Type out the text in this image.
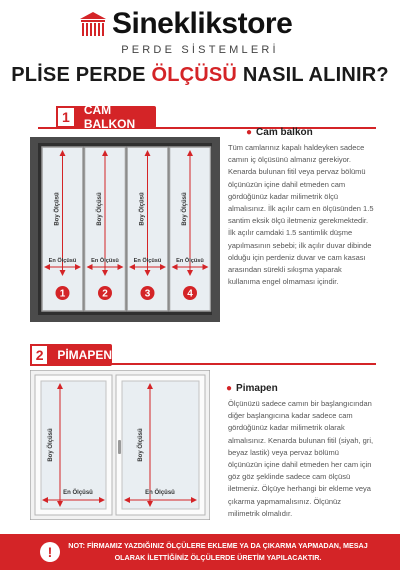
Sineklikstore
PERDE SİSTEMLERİ
PLİSE PERDE ÖLÇÜSÜ NASIL ALINIR?
1	CAM BALKON
Boy Ölçüsü
En Ölçüsü
1
Boy Ölçüsü
En Ölçüsü
2
Boy Ölçüsü
En Ölçüsü
3
Boy Ölçüsü
En Ölçüsü
4
● Cam balkon
Tüm camlarınız kapalı haldeyken sadece camın iç ölçüsünü almanız gerekiyor. Kenarda bulunan fitil veya pervaz bölümü ölçünüzün içine dahil etmeden cam gördüğünüz kadar milimetrik ölçü almalısınız. İlk açılır cam en ölçüsünden 1.5 santim eksik ölçü iletmeniz gerekmektedir. İlk açılır camdaki 1.5 santimlik düşme yapılmasının sebebi; ilk açılır duvar dibinde olduğu için perdeniz duvar ve cam kasası arasından sürekli sıkışma yaparak kullanıma engel olmaması içindir.
2	PİMAPEN
Boy Ölçüsü
En Ölçüsü
Boy Ölçüsü
En Ölçüsü
● Pimapen
Ölçünüzü sadece camın bir başlangıcından diğer başlangıcına kadar sadece cam gördüğünüz kadar milimetrik olarak almalısınız. Kenarda bulunan fitil (siyah, gri, beyaz lastik) veya pervaz bölümü ölçünüzün içine dahil etmeden her cam için göz göz şeklinde sadece cam ölçüsü iletmeniz. Ölçüye herhangi bir ekleme veya çıkarma yapmamalısınız. Ölçünüz milimetrik olmalıdır.
!	NOT: FİRMAMIZ YAZDIĞINIZ ÖLÇÜLERE EKLEME YA DA ÇIKARMA YAPMADAN, MESAJ OLARAK İLETTİĞİNİZ ÖLÇÜLERDE ÜRETİM YAPILACAKTIR.
